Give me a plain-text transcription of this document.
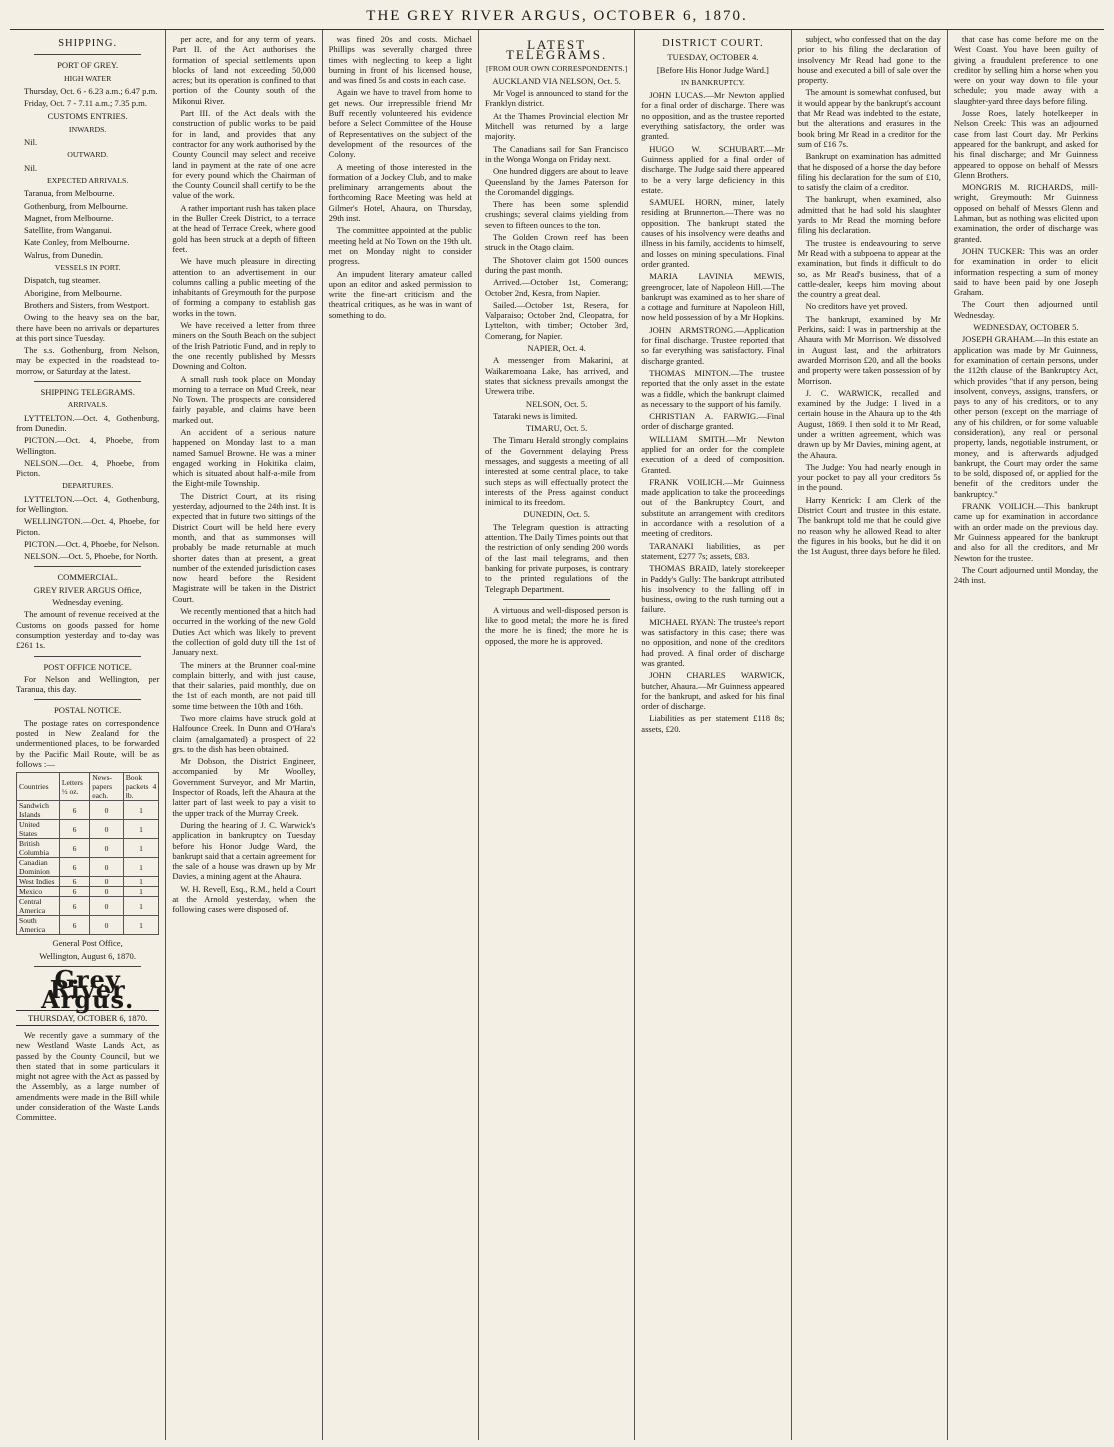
THE GREY RIVER ARGUS, OCTOBER 6, 1870.
SHIPPING.
PORT OF GREY.
HIGH WATER

Thursday, Oct. 6 - 6.23 a.m.; 6.47 p.m.

Friday, Oct. 7 - 7.11 a.m.; 7.35 p.m.

CUSTOMS ENTRIES.
INWARDS.

Nil.

OUTWARD.

Nil.

EXPECTED ARRIVALS.

Taranua, from Melbourne.

Gothenburg, from Melbourne.

Magnet, from Melbourne.

Satellite, from Wanganui.

Kate Conley, from Melbourne.

Walrus, from Dunedin.

VESSELS IN PORT.

Dispatch, tug steamer.

Aborigine, from Melbourne.

Brothers and Sisters, from Westport.

Owing to the heavy sea on the bar, there have been no arrivals or departures at this port since Tuesday.

The s.s. Gothenburg, from Nelson, may be expected in the roadstead to-morrow, or Saturday at the latest.

SHIPPING TELEGRAMS.
ARRIVALS.

LYTTELTON.—Oct. 4, Gothenburg, from Dunedin.

PICTON.—Oct. 4, Phoebe, from Wellington.

NELSON.—Oct. 4, Phoebe, from Picton.

DEPARTURES.

LYTTELTON.—Oct. 4, Gothenburg, for Wellington.

WELLINGTON.—Oct. 4, Phoebe, for Picton.

PICTON.—Oct. 4, Phoebe, for Nelson.

NELSON.—Oct. 5, Phoebe, for North.

COMMERCIAL.

GREY RIVER ARGUS Office,

Wednesday evening.

The amount of revenue received at the Customs on goods passed for home consumption yesterday and to-day was £261 1s.

POST OFFICE NOTICE.

For Nelson and Wellington, per Taranua, this day.

POSTAL NOTICE.

The postage rates on correspondence posted in New Zealand for the undermentioned places, to be forwarded by the Pacific Mail Route, will be as follows :—

Countries	Letters ½ oz.	News-papers each.	Book packets 4 lb.
Sandwich Islands	6	0	1
United States	6	0	1
British Columbia	6	0	1
Canadian Dominion	6	0	1
West Indies	6	0	1
Mexico	6	0	1
Central America	6	0	1
South America	6	0	1

General Post Office,

Wellington, August 6, 1870.

Grey River Argus.
THURSDAY, OCTOBER 6, 1870.

We recently gave a summary of the new Westland Waste Lands Act, as passed by the County Council, but we then stated that in some particulars it might not agree with the Act as passed by the Assembly, as a large number of amendments were made in the Bill while under consideration of the Waste Lands Committee.

per acre, and for any term of years. Part II. of the Act authorises the formation of special settlements upon blocks of land not exceeding 50,000 acres; but its operation is confined to that portion of the County south of the Mikonui River.

Part III. of the Act deals with the construction of public works to be paid for in land, and provides that any contractor for any work authorised by the County Council may select and receive land in payment at the rate of one acre for every pound which the Chairman of the County Council shall certify to be the value of the work.

A rather important rush has taken place in the Buller Creek District, to a terrace at the head of Terrace Creek, where good gold has been struck at a depth of fifteen feet.

We have much pleasure in directing attention to an advertisement in our columns calling a public meeting of the inhabitants of Greymouth for the purpose of forming a company to establish gas works in the town.

We have received a letter from three miners on the South Beach on the subject of the Irish Patriotic Fund, and in reply to the one recently published by Messrs Downing and Colton.

A small rush took place on Monday morning to a terrace on Mud Creek, near No Town. The prospects are considered fairly payable, and claims have been marked out.

An accident of a serious nature happened on Monday last to a man named Samuel Browne. He was a miner engaged working in Hokitika claim, which is situated about half-a-mile from the Eight-mile Township.

The District Court, at its rising yesterday, adjourned to the 24th inst. It is expected that in future two sittings of the District Court will be held here every month, and that as summonses will probably be made returnable at much shorter dates than at present, a great number of the extended jurisdiction cases now heard before the Resident Magistrate will be taken in the District Court.

We recently mentioned that a hitch had occurred in the working of the new Gold Duties Act which was likely to prevent the collection of gold duty till the 1st of January next.

The miners at the Brunner coal-mine complain bitterly, and with just cause, that their salaries, paid monthly, due on the 1st of each month, are not paid till some time between the 10th and 16th.

Two more claims have struck gold at Halfounce Creek. In Dunn and O'Hara's claim (amalgamated) a prospect of 22 grs. to the dish has been obtained.

Mr Dobson, the District Engineer, accompanied by Mr Woolley, Government Surveyor, and Mr Martin, Inspector of Roads, left the Ahaura at the latter part of last week to pay a visit to the upper track of the Murray Creek.

During the hearing of J. C. Warwick's application in bankruptcy on Tuesday before his Honor Judge Ward, the bankrupt said that a certain agreement for the sale of a house was drawn up by Mr Davies, a mining agent at the Ahaura.

W. H. Revell, Esq., R.M., held a Court at the Arnold yesterday, when the following cases were disposed of.

was fined 20s and costs. Michael Phillips was severally charged three times with neglecting to keep a light burning in front of his licensed house, and was fined 5s and costs in each case.

Again we have to travel from home to get news. Our irrepressible friend Mr Buff recently volunteered his evidence before a Select Committee of the House of Representatives on the subject of the development of the resources of the Colony.

A meeting of those interested in the formation of a Jockey Club, and to make preliminary arrangements about the forthcoming Race Meeting was held at Gilmer's Hotel, Ahaura, on Thursday, 29th inst.

The committee appointed at the public meeting held at No Town on the 19th ult. met on Monday night to consider progress.

An impudent literary amateur called upon an editor and asked permission to write the fine-art criticism and the theatrical critiques, as he was in want of something to do.

LATEST TELEGRAMS.
[FROM OUR OWN CORRESPONDENTS.]

AUCKLAND VIA NELSON, Oct. 5.

Mr Vogel is announced to stand for the Franklyn district.

At the Thames Provincial election Mr Mitchell was returned by a large majority.

The Canadians sail for San Francisco in the Wonga Wonga on Friday next.

One hundred diggers are about to leave Queensland by the James Paterson for the Coromandel diggings.

There has been some splendid crushings; several claims yielding from seven to fifteen ounces to the ton.

The Golden Crown reef has been struck in the Otago claim.

The Shotover claim got 1500 ounces during the past month.

Arrived.—October 1st, Comerang; October 2nd, Kesra, from Napier.

Sailed.—October 1st, Resera, for Valparaiso; October 2nd, Cleopatra, for Lyttelton, with timber; October 3rd, Comerang, for Napier.

NAPIER, Oct. 4.

A messenger from Makarini, at Waikaremoana Lake, has arrived, and states that sickness prevails amongst the Urewera tribe.

NELSON, Oct. 5.

Tataraki news is limited.

TIMARU, Oct. 5.

The Timaru Herald strongly complains of the Government delaying Press messages, and suggests a meeting of all interested at some central place, to take such steps as will effectually protect the interests of the Press against conduct inimical to its freedom.

DUNEDIN, Oct. 5.

The Telegram question is attracting attention. The Daily Times points out that the restriction of only sending 200 words of the last mail telegrams, and then banking for private purposes, is contrary to the printed regulations of the Telegraph Department.

A virtuous and well-disposed person is like to good metal; the more he is fired the more he is fined; the more he is opposed, the more he is approved.

DISTRICT COURT.

TUESDAY, OCTOBER 4.

[Before His Honor Judge Ward.]

IN BANKRUPTCY.

JOHN LUCAS.—Mr Newton applied for a final order of discharge. There was no opposition, and as the trustee reported everything satisfactory, the order was granted.

HUGO W. SCHUBART.—Mr Guinness applied for a final order of discharge. The Judge said there appeared to be a very large deficiency in this estate.

SAMUEL HORN, miner, lately residing at Brunnerton.—There was no opposition. The bankrupt stated the causes of his insolvency were deaths and illness in his family, accidents to himself, and losses on mining speculations. Final order granted.

MARIA LAVINIA MEWIS, greengrocer, late of Napoleon Hill.—The bankrupt was examined as to her share of a cottage and furniture at Napoleon Hill, now held possession of by a Mr Hopkins.

JOHN ARMSTRONG.—Application for final discharge. Trustee reported that so far everything was satisfactory. Final discharge granted.

THOMAS MINTON.—The trustee reported that the only asset in the estate was a fiddle, which the bankrupt claimed as necessary to the support of his family.

CHRISTIAN A. FARWIG.—Final order of discharge granted.

WILLIAM SMITH.—Mr Newton applied for an order for the complete execution of a deed of composition. Granted.

FRANK VOILICH.—Mr Guinness made application to take the proceedings out of the Bankruptcy Court, and substitute an arrangement with creditors in accordance with a resolution of a meeting of creditors.

TARANAKI liabilities, as per statement, £277 7s; assets, £83.

THOMAS BRAID, lately storekeeper in Paddy's Gully: The bankrupt attributed his insolvency to the falling off in business, owing to the rush turning out a failure.

MICHAEL RYAN: The trustee's report was satisfactory in this case; there was no opposition, and none of the creditors had proved. A final order of discharge was granted.

JOHN CHARLES WARWICK, butcher, Ahaura.—Mr Guinness appeared for the bankrupt, and asked for his final order of discharge.

Liabilities as per statement £118 8s; assets, £20.

subject, who confessed that on the day prior to his filing the declaration of insolvency Mr Read had gone to the house and executed a bill of sale over the property.

The amount is somewhat confused, but it would appear by the bankrupt's account that Mr Read was indebted to the estate, but the alterations and erasures in the book bring Mr Read in a creditor for the sum of £16 7s.

Bankrupt on examination has admitted that he disposed of a horse the day before filing his declaration for the sum of £10, to satisfy the claim of a creditor.

The bankrupt, when examined, also admitted that he had sold his slaughter yards to Mr Read the morning before filing his declaration.

The trustee is endeavouring to serve Mr Read with a subpoena to appear at the examination, but finds it difficult to do so, as Mr Read's business, that of a cattle-dealer, keeps him moving about the country a great deal.

No creditors have yet proved.

The bankrupt, examined by Mr Perkins, said: I was in partnership at the Ahaura with Mr Morrison. We dissolved in August last, and the arbitrators awarded Morrison £20, and all the books and property were taken possession of by Morrison.

J. C. WARWICK, recalled and examined by the Judge: I lived in a certain house in the Ahaura up to the 4th August, 1869. I then sold it to Mr Read, under a written agreement, which was drawn up by Mr Davies, mining agent, at the Ahaura.

The Judge: You had nearly enough in your pocket to pay all your creditors 5s in the pound.

Harry Kenrick: I am Clerk of the District Court and trustee in this estate. The bankrupt told me that he could give no reason why he allowed Read to alter the figures in his books, but he did it on the 1st August, three days before he filed.

that case has come before me on the West Coast. You have been guilty of giving a fraudulent preference to one creditor by selling him a horse when you were on your way down to file your schedule; you made away with a slaughter-yard three days before filing.

Josse Roes, lately hotelkeeper in Nelson Creek: This was an adjourned case from last Court day. Mr Perkins appeared for the bankrupt, and asked for his final discharge; and Mr Guinness appeared to oppose on behalf of Messrs Glenn Brothers.

MONGRIS M. RICHARDS, mill-wright, Greymouth: Mr Guinness opposed on behalf of Messrs Glenn and Lahman, but as nothing was elicited upon examination, the order of discharge was granted.

JOHN TUCKER: This was an order for examination in order to elicit information respecting a sum of money said to have been paid by one Joseph Graham.

The Court then adjourned until Wednesday.

WEDNESDAY, OCTOBER 5.

JOSEPH GRAHAM.—In this estate an application was made by Mr Guinness, for examination of certain persons, under the 112th clause of the Bankruptcy Act, which provides "that if any person, being insolvent, conveys, assigns, transfers, or pays to any of his creditors, or to any other person (except on the marriage of any of his children, or for some valuable consideration), any real or personal property, lands, negotiable instrument, or money, and is afterwards adjudged bankrupt, the Court may order the same to be sold, disposed of, or applied for the benefit of the creditors under the bankruptcy."

FRANK VOILICH.—This bankrupt came up for examination in accordance with an order made on the previous day. Mr Guinness appeared for the bankrupt and also for all the creditors, and Mr Newton for the trustee.

The Court adjourned until Monday, the 24th inst.
